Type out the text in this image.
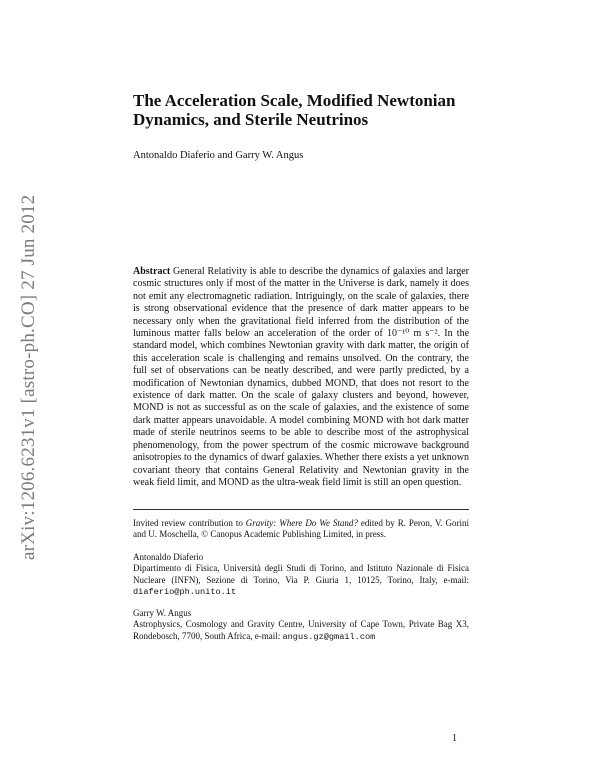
arXiv:1206.6231v1 [astro-ph.CO] 27 Jun 2012
The Acceleration Scale, Modified Newtonian
Dynamics, and Sterile Neutrinos

Antonaldo Diaferio and Garry W. Angus

Abstract General Relativity is able to describe the dynamics of galaxies and larger cosmic structures only if most of the matter in the Universe is dark, namely it does not emit any electromagnetic radiation. Intriguingly, on the scale of galaxies, there is strong observational evidence that the presence of dark matter appears to be necessary only when the gravitational field inferred from the distribution of the luminous matter falls below an acceleration of the order of 10⁻¹⁰ m s⁻². In the standard model, which combines Newtonian gravity with dark matter, the origin of this acceleration scale is challenging and remains unsolved. On the contrary, the full set of observations can be neatly described, and were partly predicted, by a modification of Newtonian dynamics, dubbed MOND, that does not resort to the existence of dark matter. On the scale of galaxy clusters and beyond, however, MOND is not as successful as on the scale of galaxies, and the existence of some dark matter appears unavoidable. A model combining MOND with hot dark matter made of sterile neutrinos seems to be able to describe most of the astrophysical phenomenology, from the power spectrum of the cosmic microwave background anisotropies to the dynamics of dwarf galaxies. Whether there exists a yet unknown covariant theory that contains General Relativity and Newtonian gravity in the weak field limit, and MOND as the ultra-weak field limit is still an open question.

Invited review contribution to Gravity: Where Do We Stand? edited by R. Peron, V. Gorini and U. Moschella, © Canopus Academic Publishing Limited, in press.

Antonaldo Diaferio
Dipartimento di Fisica, Università degli Studi di Torino, and Istituto Nazionale di Fisica Nucleare (INFN), Sezione di Torino, Via P. Giuria 1, 10125, Torino, Italy, e-mail: diaferio@ph.unito.it

Garry W. Angus
Astrophysics, Cosmology and Gravity Centre, University of Cape Town, Private Bag X3, Rondebosch, 7700, South Africa, e-mail: angus.gz@gmail.com

1
